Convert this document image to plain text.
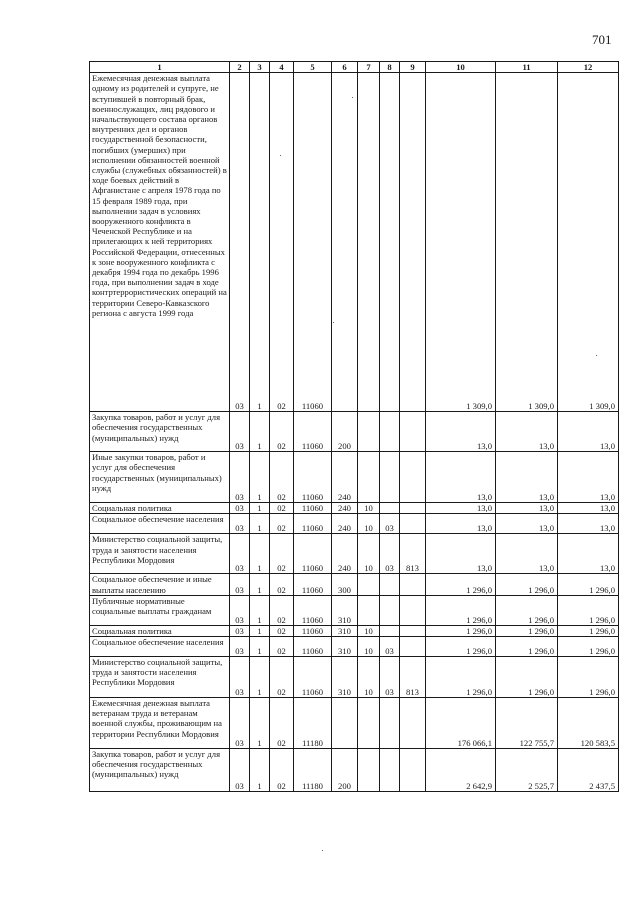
701
1	2	3	4	5	6	7	8	9	10	11	12
Ежемесячная денежная выплата одному из родителей и супруге, не вступившей в повторный брак, военнослужащих, лиц рядового и начальствующего состава органов внутренних дел и органов государственной безопасности, погибших (умерших) при исполнении обязанностей военной службы (служебных обязанностей) в ходе боевых действий в Афганистане с апреля 1978 года по 15 февраля 1989 года, при выполнении задач в условиях вооруженного конфликта в Чеченской Республике и на прилегающих к ней территориях Российской Федерации, отнесенных к зоне вооруженного конфликта с декабря 1994 года по декабрь 1996 года, при выполнении задач в ходе контртеррористических операций на территории Северо-Кавказского региона с августа 1999 года	03	1	02	11060					1 309,0	1 309,0	1 309,0
Закупка товаров, работ и услуг для обеспечения государственных (муниципальных) нужд	03	1	02	11060	200				13,0	13,0	13,0
Иные закупки товаров, работ и услуг для обеспечения государственных (муниципальных) нужд	03	1	02	11060	240				13,0	13,0	13,0
Социальная политика	03	1	02	11060	240	10			13,0	13,0	13,0
Социальное обеспечение населения	03	1	02	11060	240	10	03		13,0	13,0	13,0
Министерство социальной защиты, труда и занятости населения Республики Мордовия	03	1	02	11060	240	10	03	813	13,0	13,0	13,0
Социальное обеспечение и иные выплаты населению	03	1	02	11060	300				1 296,0	1 296,0	1 296,0
Публичные нормативные социальные выплаты гражданам	03	1	02	11060	310				1 296,0	1 296,0	1 296,0
Социальная политика	03	1	02	11060	310	10			1 296,0	1 296,0	1 296,0
Социальное обеспечение населения	03	1	02	11060	310	10	03		1 296,0	1 296,0	1 296,0
Министерство социальной защиты, труда и занятости населения Республики Мордовия	03	1	02	11060	310	10	03	813	1 296,0	1 296,0	1 296,0
Ежемесячная денежная выплата ветеранам труда и ветеранам военной службы, проживающим на территории Республики Мордовия	03	1	02	11180					176 066,1	122 755,7	120 583,5
Закупка товаров, работ и услуг для обеспечения государственных (муниципальных) нужд	03	1	02	11180	200				2 642,9	2 525,7	2 437,5
